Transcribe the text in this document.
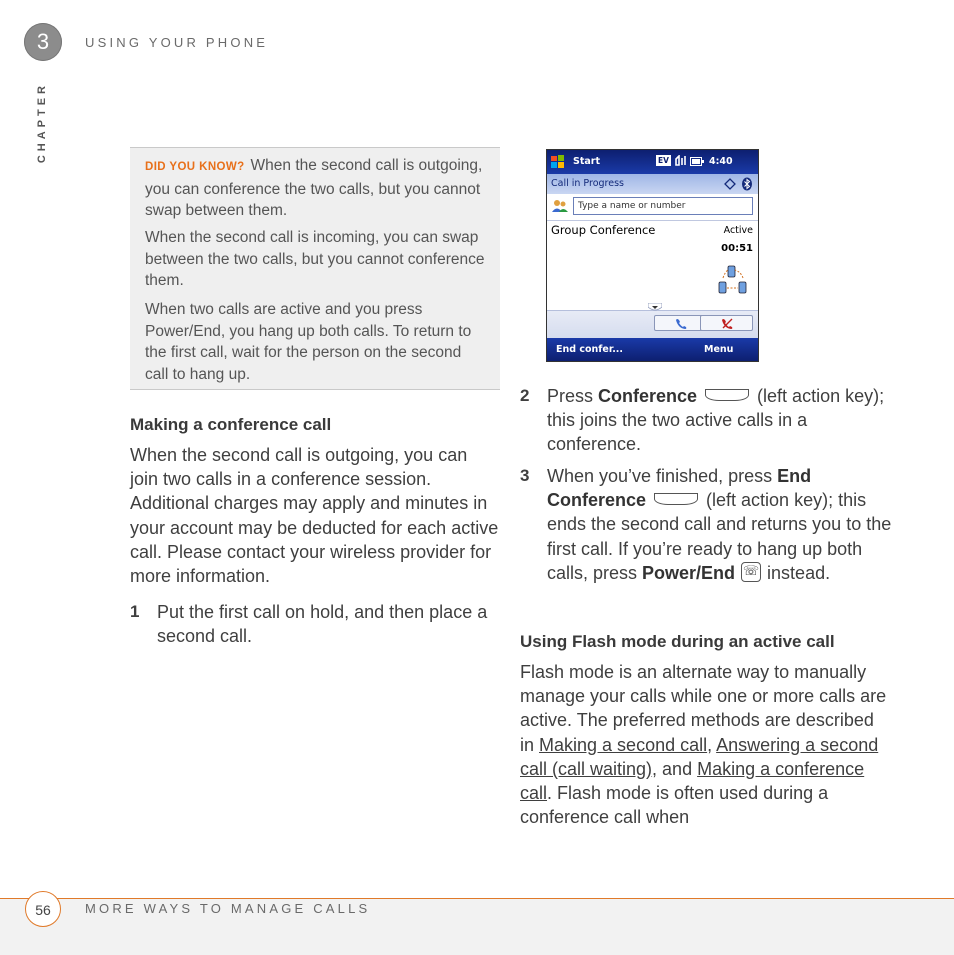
3	USING YOUR PHONE
CHAPTER

DID YOU KNOW? When the second call is outgoing, you can conference the two calls, but you cannot swap between them.

When the second call is incoming, you can swap between the two calls, but you cannot conference them.

When two calls are active and you press Power/End, you hang up both calls. To return to the first call, wait for the person on the second call to hang up.

Making a conference call
When the second call is outgoing, you can join two calls in a conference session. Additional charges may apply and minutes in your account may be deducted for each active call. Please contact your wireless provider for more information.
1 Put the first call on hold, and then place a second call.
Start	EV	4:40
Call in Progress
Type a name or number
Group Conference	Active
00:51
End confer...	Menu
2 Press Conference	(left action key); this joins the two active calls in a conference.
3 When you’ve finished, press End Conference	(left action key); this ends the second call and returns you to the first call. If you’re ready to hang up both calls, press Power/End ☏ instead.
Using Flash mode during an active call
Flash mode is an alternate way to manually manage your calls while one or more calls are active. The preferred methods are described in Making a second call, Answering a second call (call waiting), and Making a conference call. Flash mode is often used during a conference call when
56	MORE WAYS TO MANAGE CALLS
